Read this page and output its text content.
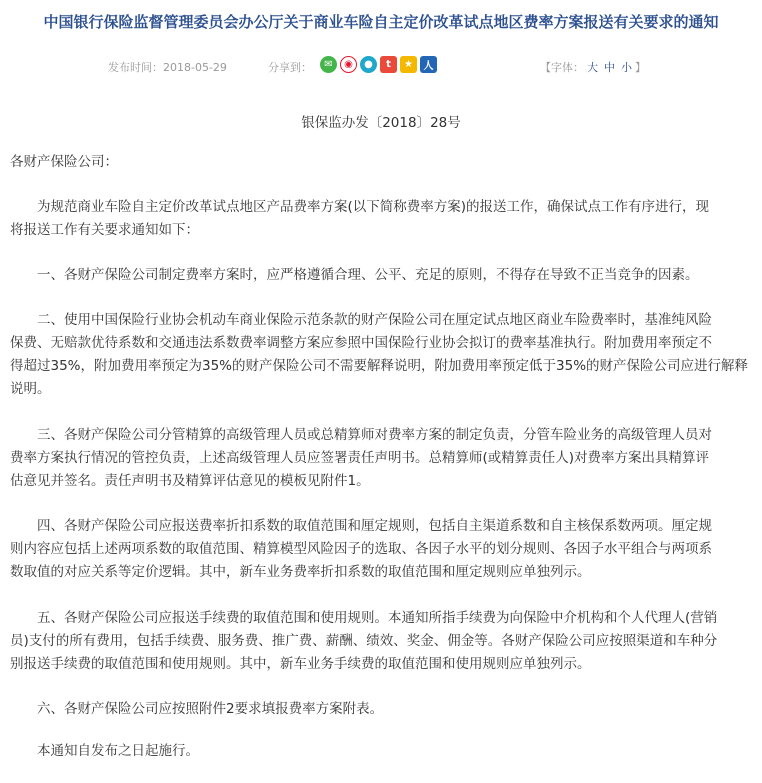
中国银行保险监督管理委员会办公厅关于商业车险自主定价改革试点地区费率方案报送有关要求的通知
发布时间：2018-05-29	分享到：	✉	◉	●	t	★	人	【字体： 大 中 小 】
银保监办发〔2018〕28号
各财产保险公司：
　　为规范商业车险自主定价改革试点地区产品费率方案(以下简称费率方案)的报送工作，确保试点工作有序进行，现
将报送工作有关要求通知如下：
　　一、各财产保险公司制定费率方案时，应严格遵循合理、公平、充足的原则，不得存在导致不正当竞争的因素。
　　二、使用中国保险行业协会机动车商业保险示范条款的财产保险公司在厘定试点地区商业车险费率时，基准纯风险
保费、无赔款优待系数和交通违法系数费率调整方案应参照中国保险行业协会拟订的费率基准执行。附加费用率预定不
得超过35%，附加费用率预定为35%的财产保险公司不需要解释说明，附加费用率预定低于35%的财产保险公司应进行解释
说明。
　　三、各财产保险公司分管精算的高级管理人员或总精算师对费率方案的制定负责，分管车险业务的高级管理人员对
费率方案执行情况的管控负责，上述高级管理人员应签署责任声明书。总精算师(或精算责任人)对费率方案出具精算评
估意见并签名。责任声明书及精算评估意见的模板见附件1。
　　四、各财产保险公司应报送费率折扣系数的取值范围和厘定规则，包括自主渠道系数和自主核保系数两项。厘定规
则内容应包括上述两项系数的取值范围、精算模型风险因子的选取、各因子水平的划分规则、各因子水平组合与两项系
数取值的对应关系等定价逻辑。其中，新车业务费率折扣系数的取值范围和厘定规则应单独列示。
　　五、各财产保险公司应报送手续费的取值范围和使用规则。本通知所指手续费为向保险中介机构和个人代理人(营销
员)支付的所有费用，包括手续费、服务费、推广费、薪酬、绩效、奖金、佣金等。各财产保险公司应按照渠道和车种分
别报送手续费的取值范围和使用规则。其中，新车业务手续费的取值范围和使用规则应单独列示。
　　六、各财产保险公司应按照附件2要求填报费率方案附表。
　　本通知自发布之日起施行。
